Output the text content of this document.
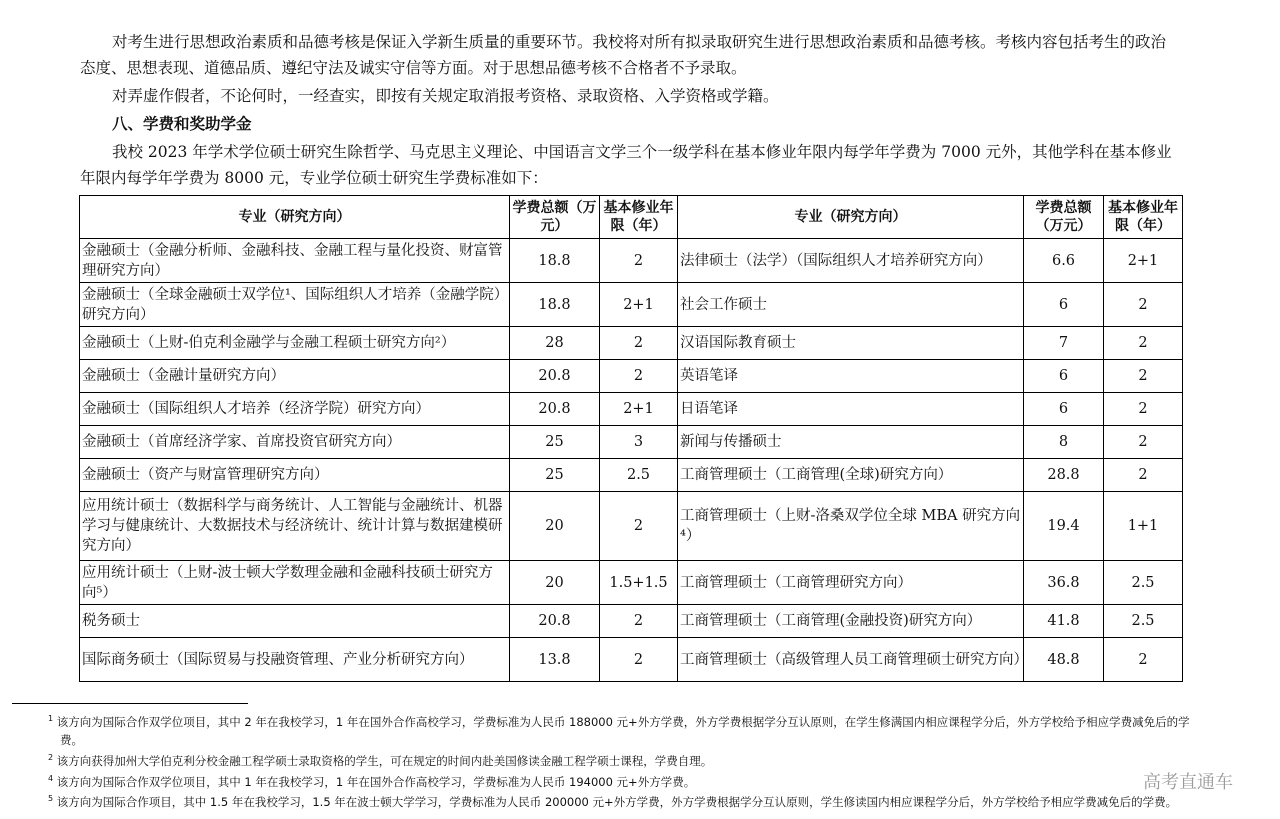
对考生进行思想政治素质和品德考核是保证入学新生质量的重要环节。我校将对所有拟录取研究生进行思想政治素质和品德考核。考核内容包括考生的政治态度、思想表现、道德品质、遵纪守法及诚实守信等方面。对于思想品德考核不合格者不予录取。

对弄虚作假者，不论何时，一经查实，即按有关规定取消报考资格、录取资格、入学资格或学籍。

八、学费和奖助学金

我校 2023 年学术学位硕士研究生除哲学、马克思主义理论、中国语言文学三个一级学科在基本修业年限内每学年学费为 7000 元外，其他学科在基本修业年限内每学年学费为 8000 元，专业学位硕士研究生学费标准如下：

专业（研究方向）	学费总额（万元）	基本修业年限（年）	专业（研究方向）	学费总额（万元）	基本修业年限（年）
金融硕士（金融分析师、金融科技、金融工程与量化投资、财富管理研究方向）	18.8	2	法律硕士（法学）（国际组织人才培养研究方向）	6.6	2+1
金融硕士（全球金融硕士双学位¹、国际组织人才培养（金融学院）研究方向）	18.8	2+1	社会工作硕士	6	2
金融硕士（上财-伯克利金融学与金融工程硕士研究方向²）	28	2	汉语国际教育硕士	7	2
金融硕士（金融计量研究方向）	20.8	2	英语笔译	6	2
金融硕士（国际组织人才培养（经济学院）研究方向）	20.8	2+1	日语笔译	6	2
金融硕士（首席经济学家、首席投资官研究方向）	25	3	新闻与传播硕士	8	2
金融硕士（资产与财富管理研究方向）	25	2.5	工商管理硕士（工商管理(全球)研究方向）	28.8	2
应用统计硕士（数据科学与商务统计、人工智能与金融统计、机器学习与健康统计、大数据技术与经济统计、统计计算与数据建模研究方向）	20	2	工商管理硕士（上财-洛桑双学位全球 MBA 研究方向⁴）	19.4	1+1
应用统计硕士（上财-波士顿大学数理金融和金融科技硕士研究方向⁵）	20	1.5+1.5	工商管理硕士（工商管理研究方向）	36.8	2.5
税务硕士	20.8	2	工商管理硕士（工商管理(金融投资)研究方向）	41.8	2.5
国际商务硕士（国际贸易与投融资管理、产业分析研究方向）	13.8	2	工商管理硕士（高级管理人员工商管理硕士研究方向）	48.8	2
$^1$ 该方向为国际合作双学位项目，其中 2 年在我校学习，1 年在国外合作高校学习，学费标准为人民币 188000 元+外方学费，外方学费根据学分互认原则，在学生修满国内相应课程学分后，外方学校给予相应学费减免后的学费。
$^2$ 该方向获得加州大学伯克利分校金融工程学硕士录取资格的学生，可在规定的时间内赴美国修读金融工程学硕士课程，学费自理。
$^4$ 该方向为国际合作双学位项目，其中 1 年在我校学习，1 年在国外合作高校学习，学费标准为人民币 194000 元+外方学费。
$^5$ 该方向为国际合作项目，其中 1.5 年在我校学习，1.5 年在波士顿大学学习，学费标准为人民币 200000 元+外方学费，外方学费根据学分互认原则，学生修读国内相应课程学分后，外方学校给予相应学费减免后的学费。
高考直通车
